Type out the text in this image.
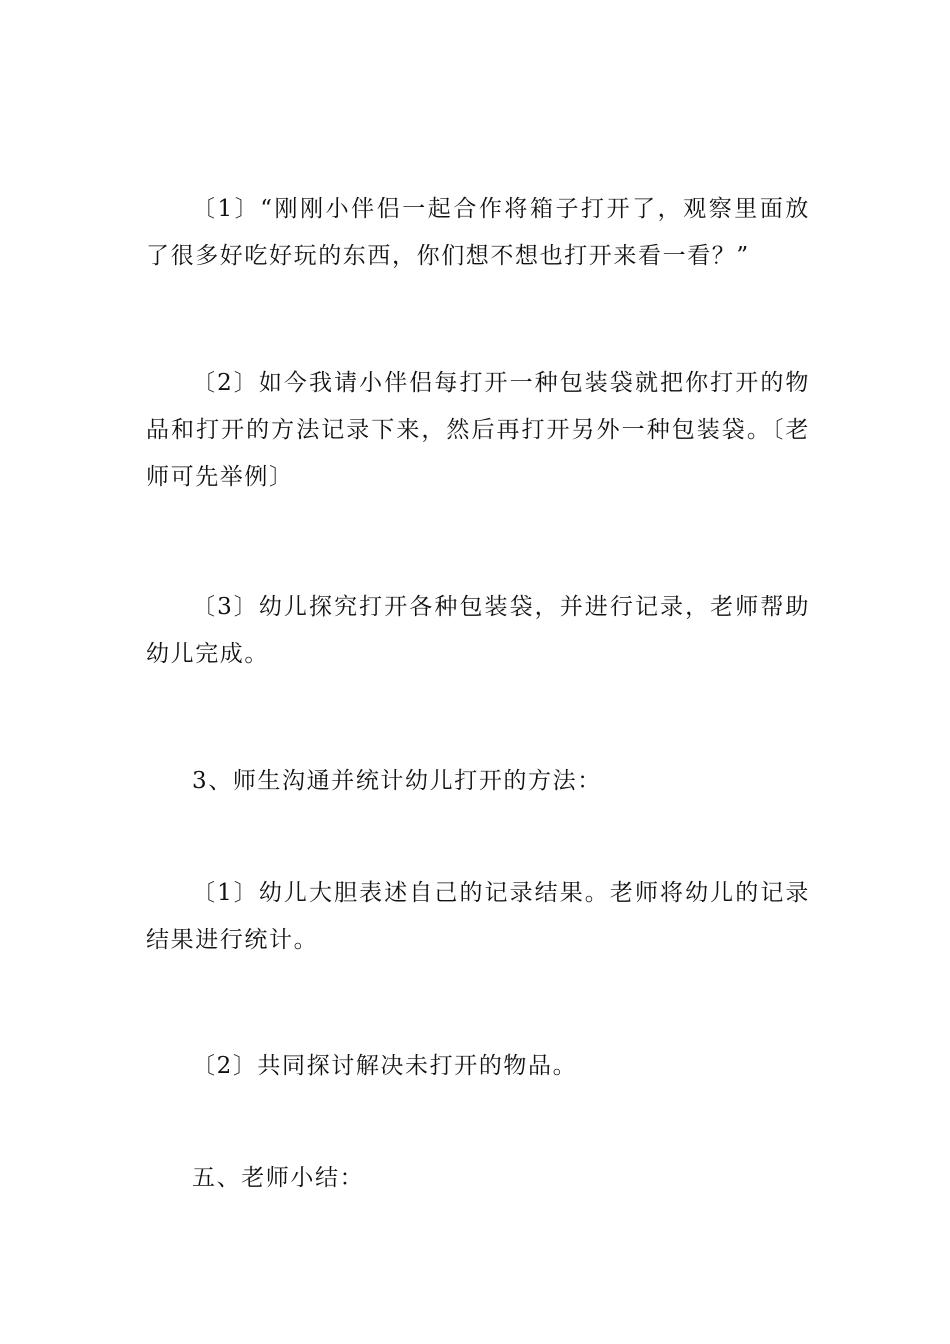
〔1〕“刚刚小伴侣一起合作将箱子打开了，观察里面放了很多好吃好玩的东西，你们想不想也打开来看一看？”

〔2〕如今我请小伴侣每打开一种包装袋就把你打开的物品和打开的方法记录下来，然后再打开另外一种包装袋。〔老师可先举例〕

〔3〕幼儿探究打开各种包装袋，并进行记录，老师帮助幼儿完成。

3、师生沟通并统计幼儿打开的方法：

〔1〕幼儿大胆表述自己的记录结果。老师将幼儿的记录结果进行统计。

〔2〕共同探讨解决未打开的物品。

五、老师小结：
